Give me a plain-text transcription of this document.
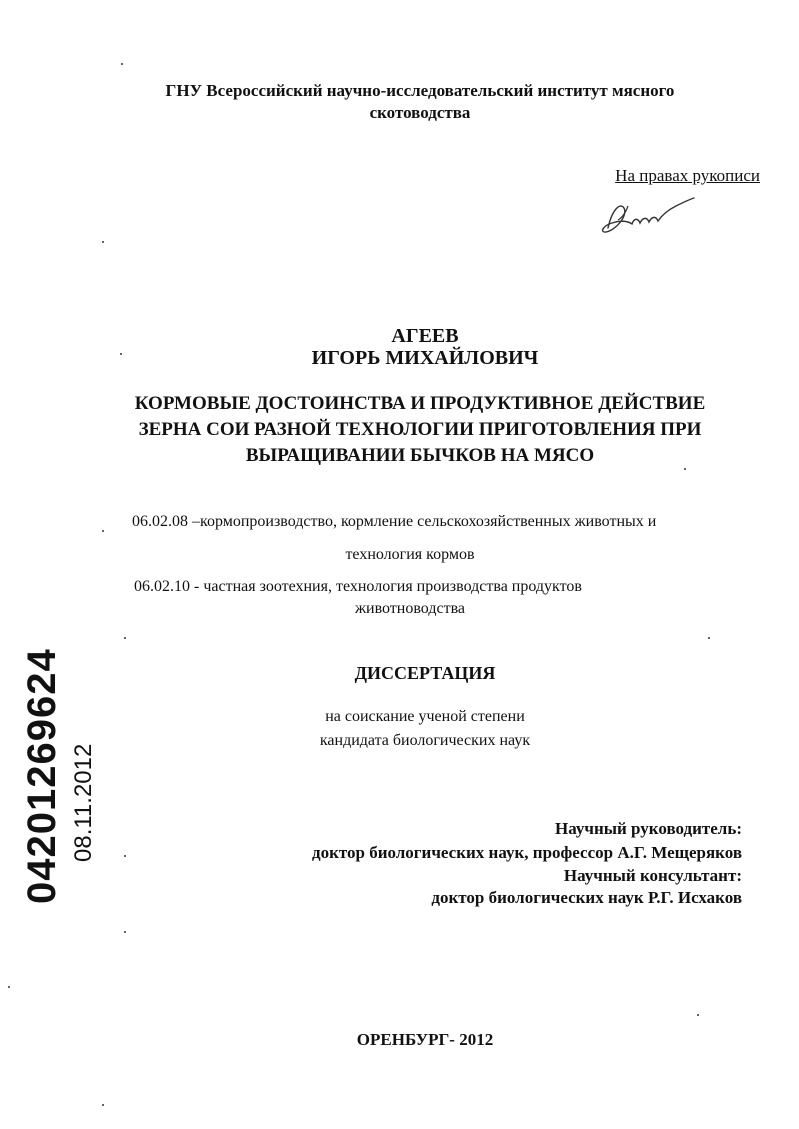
ГНУ Всероссийский научно-исследовательский институт мясного
скотоводства
На правах рукописи
АГЕЕВ
ИГОРЬ МИХАЙЛОВИЧ
КОРМОВЫЕ ДОСТОИНСТВА И ПРОДУКТИВНОЕ ДЕЙСТВИЕ
ЗЕРНА СОИ РАЗНОЙ ТЕХНОЛОГИИ ПРИГОТОВЛЕНИЯ ПРИ
ВЫРАЩИВАНИИ БЫЧКОВ НА МЯСО
06.02.08 –кормопроизводство, кормление сельскохозяйственных животных и
технология кормов
06.02.10 - частная зоотехния, технология производства продуктов
животноводства
ДИССЕРТАЦИЯ
на соискание ученой степени
кандидата биологических наук
Научный руководитель:
доктор биологических наук, профессор А.Г. Мещеряков
Научный консультант:
доктор биологических наук Р.Г. Исхаков
ОРЕНБУРГ- 2012
04201269624 08.11.2012
